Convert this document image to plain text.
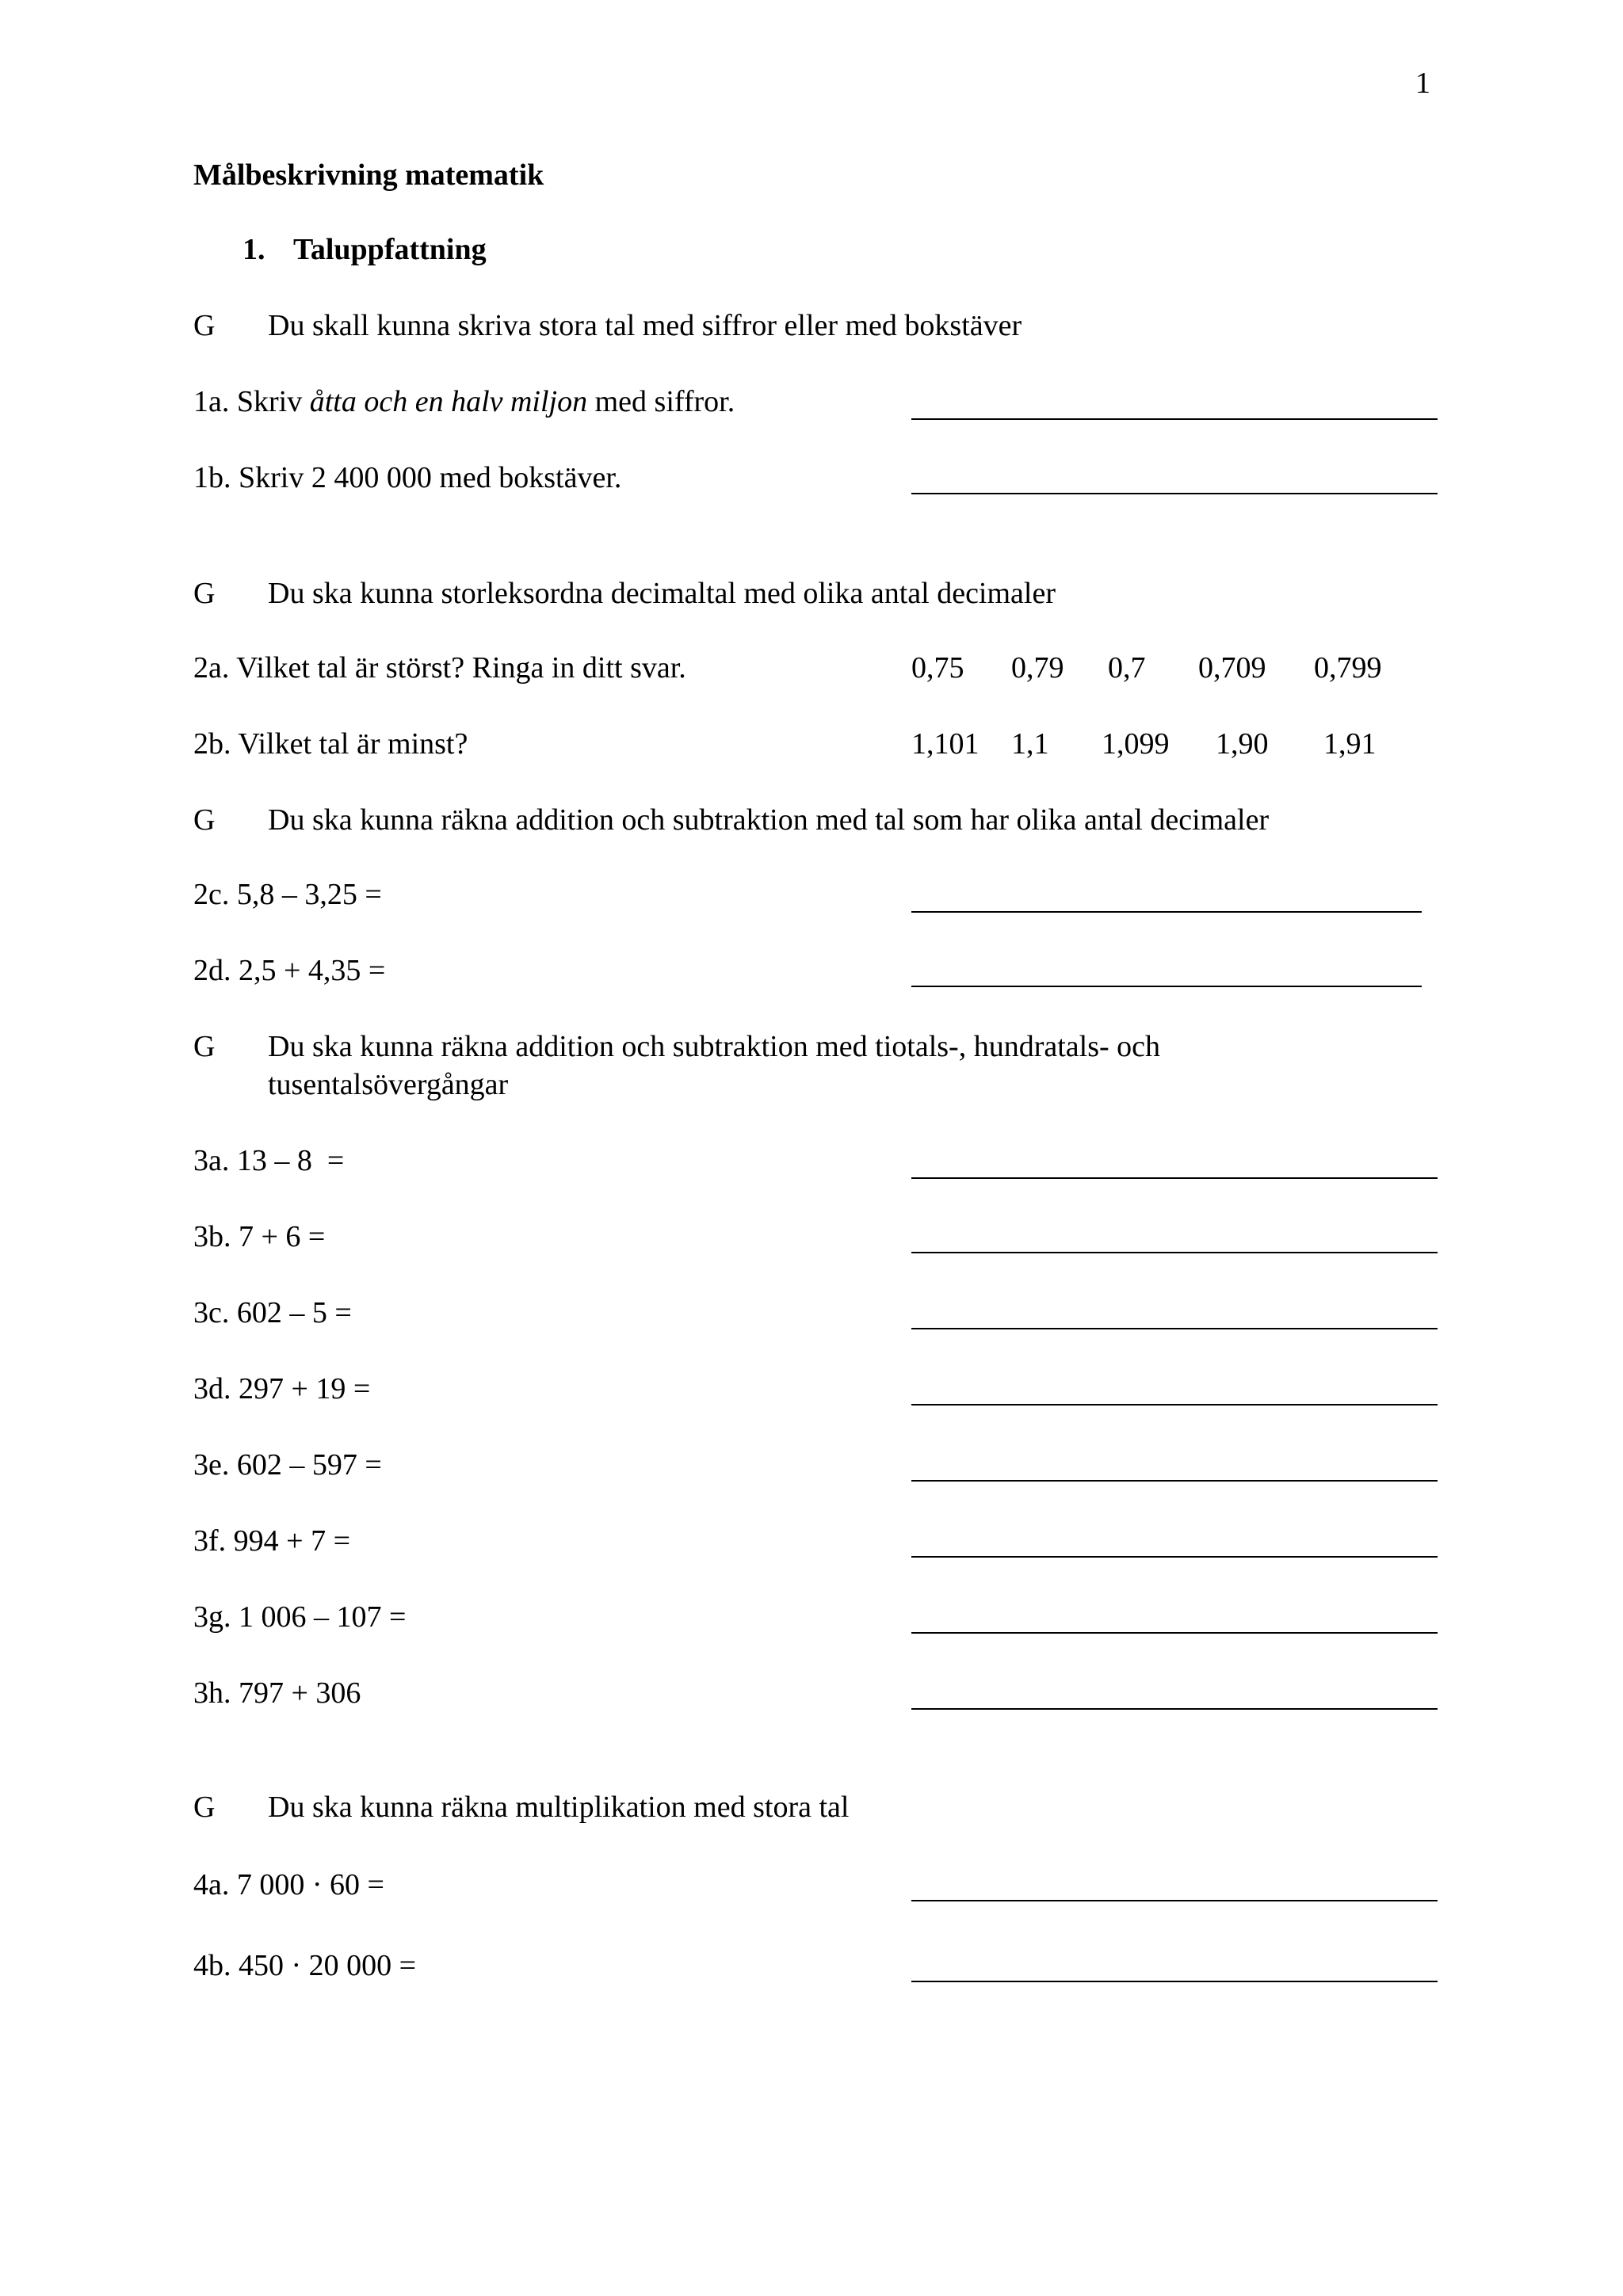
1
Målbeskrivning matematik
1. Taluppfattning
G Du skall kunna skriva stora tal med siffror eller med bokstäver
1a. Skriv åtta och en halv miljon med siffror.
1b. Skriv 2 400 000 med bokstäver.
G Du ska kunna storleksordna decimaltal med olika antal decimaler
2a. Vilket tal är störst? Ringa in ditt svar.	0,75 0,79 0,7 0,709 0,799
2b. Vilket tal är minst?	1,101 1,1 1,099 1,90 1,91
G Du ska kunna räkna addition och subtraktion med tal som har olika antal decimaler
2c. 5,8 – 3,25 =
2d. 2,5 + 4,35 =
G Du ska kunna räkna addition och subtraktion med tiotals-, hundratals- och
tusentalsövergångar
3a. 13 – 8  =
3b. 7 + 6 =
3c. 602 – 5 =
3d. 297 + 19 =
3e. 602 – 597 =
3f. 994 + 7 =
3g. 1 006 – 107 =
3h. 797 + 306
G Du ska kunna räkna multiplikation med stora tal
4a. 7 000 · 60 =
4b. 450 · 20 000 =
